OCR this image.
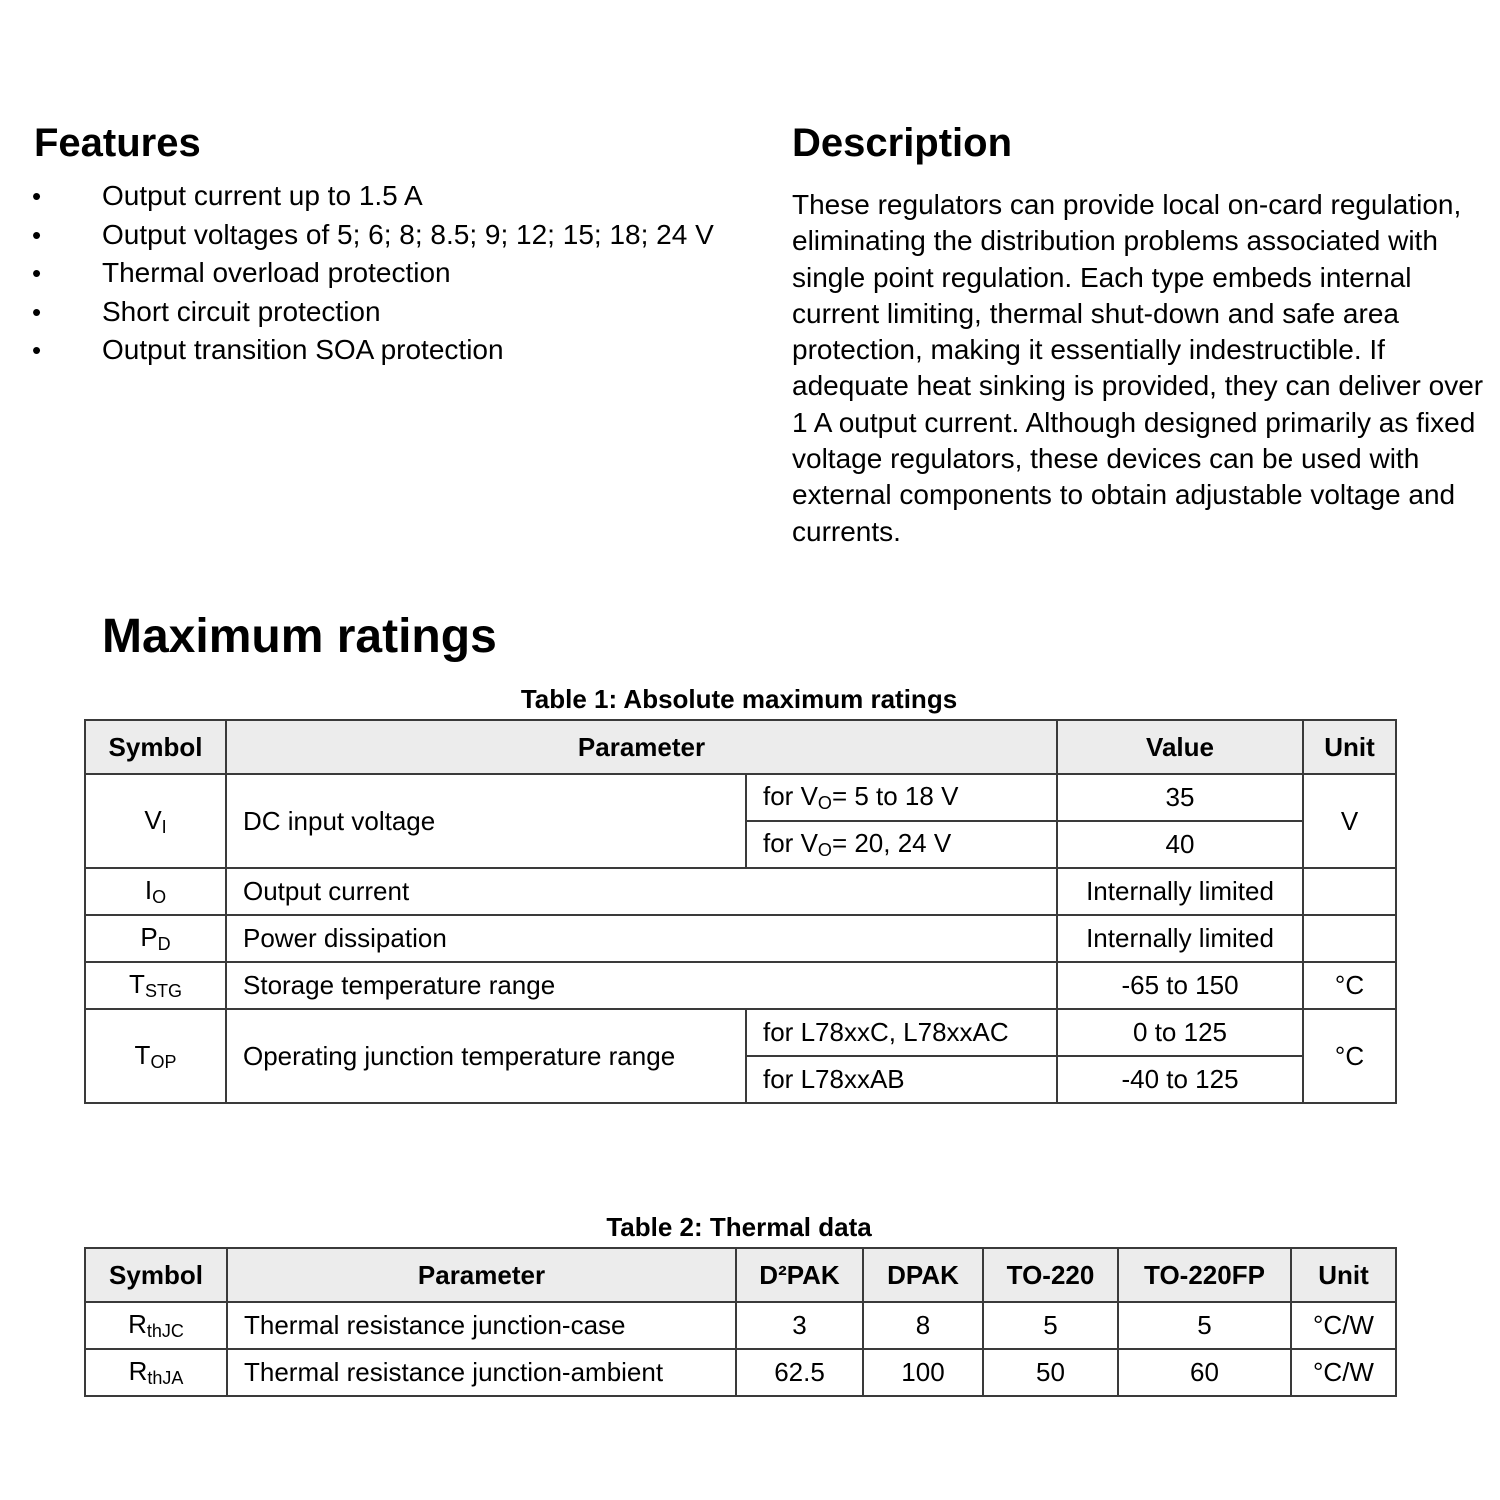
Features
• Output current up to 1.5 A
• Output voltages of 5; 6; 8; 8.5; 9; 12; 15; 18; 24 V
• Thermal overload protection
• Short circuit protection
• Output transition SOA protection
Description

These regulators can provide local on-card regulation, eliminating the distribution problems associated with single point regulation. Each type embeds internal current limiting, thermal shut-down and safe area protection, making it essentially indestructible. If adequate heat sinking is provided, they can deliver over 1 A output current. Although designed primarily as fixed voltage regulators, these devices can be used with external components to obtain adjustable voltage and currents.

Maximum ratings

Table 1: Absolute maximum ratings

Symbol	Parameter		Value	Unit
$V_I$	DC input voltage	for $V_O= 5$ to 18 V	35	V
		for $V_O= 20$, 24 V	40	
$I_O$	Output current		Internally limited	
$P_D$	Power dissipation		Internally limited	
$T_{STG}$	Storage temperature range		-65 to 150	°C
$T_{OP}$	Operating junction temperature range	for L78xxC, L78xxAC	0 to 125	°C
		for L78xxAB	-40 to 125	

Table 2: Thermal data

Symbol	Parameter	D²PAK	DPAK	TO-220	TO-220FP	Unit
$R_{thJC}$	Thermal resistance junction-case	3	8	5	5	°C/W
$R_{thJA}$	Thermal resistance junction-ambient	62.5	100	50	60	°C/W
